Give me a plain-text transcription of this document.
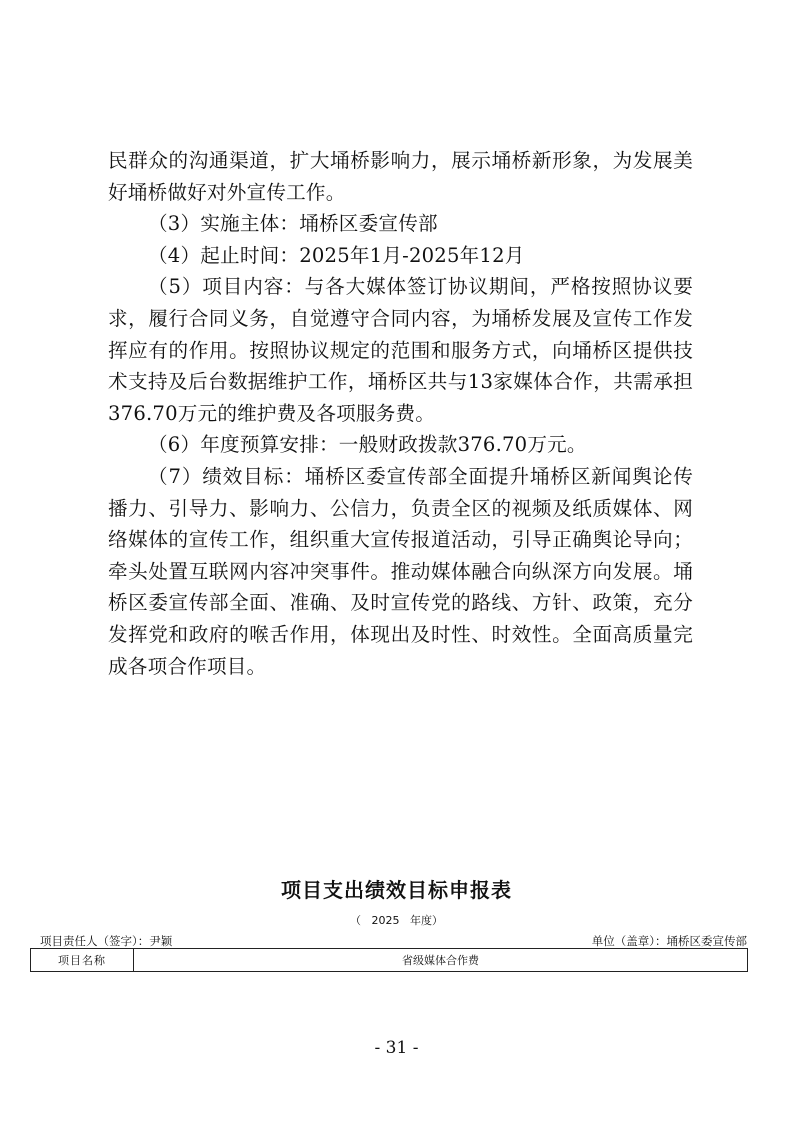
民群众的沟通渠道，扩大埇桥影响力，展示埇桥新形象，为发展美好埇桥做好对外宣传工作。

（3）实施主体：埇桥区委宣传部

（4）起止时间：2025年1月-2025年12月

（5）项目内容：与各大媒体签订协议期间，严格按照协议要求，履行合同义务，自觉遵守合同内容，为埇桥发展及宣传工作发挥应有的作用。按照协议规定的范围和服务方式，向埇桥区提供技术支持及后台数据维护工作，埇桥区共与13家媒体合作，共需承担376.70万元的维护费及各项服务费。

（6）年度预算安排：一般财政拨款376.70万元。

（7）绩效目标：埇桥区委宣传部全面提升埇桥区新闻舆论传播力、引导力、影响力、公信力，负责全区的视频及纸质媒体、网络媒体的宣传工作，组织重大宣传报道活动，引导正确舆论导向；牵头处置互联网内容冲突事件。推动媒体融合向纵深方向发展。埇桥区委宣传部全面、准确、及时宣传党的路线、方针、政策，充分发挥党和政府的喉舌作用，体现出及时性、时效性。全面高质量完成各项合作项目。

项目支出绩效目标申报表
（   2025   年度）
项目责任人（签字）：尹颖	单位（盖章）：埇桥区委宣传部
项目名称	省级媒体合作费
- 31 -
